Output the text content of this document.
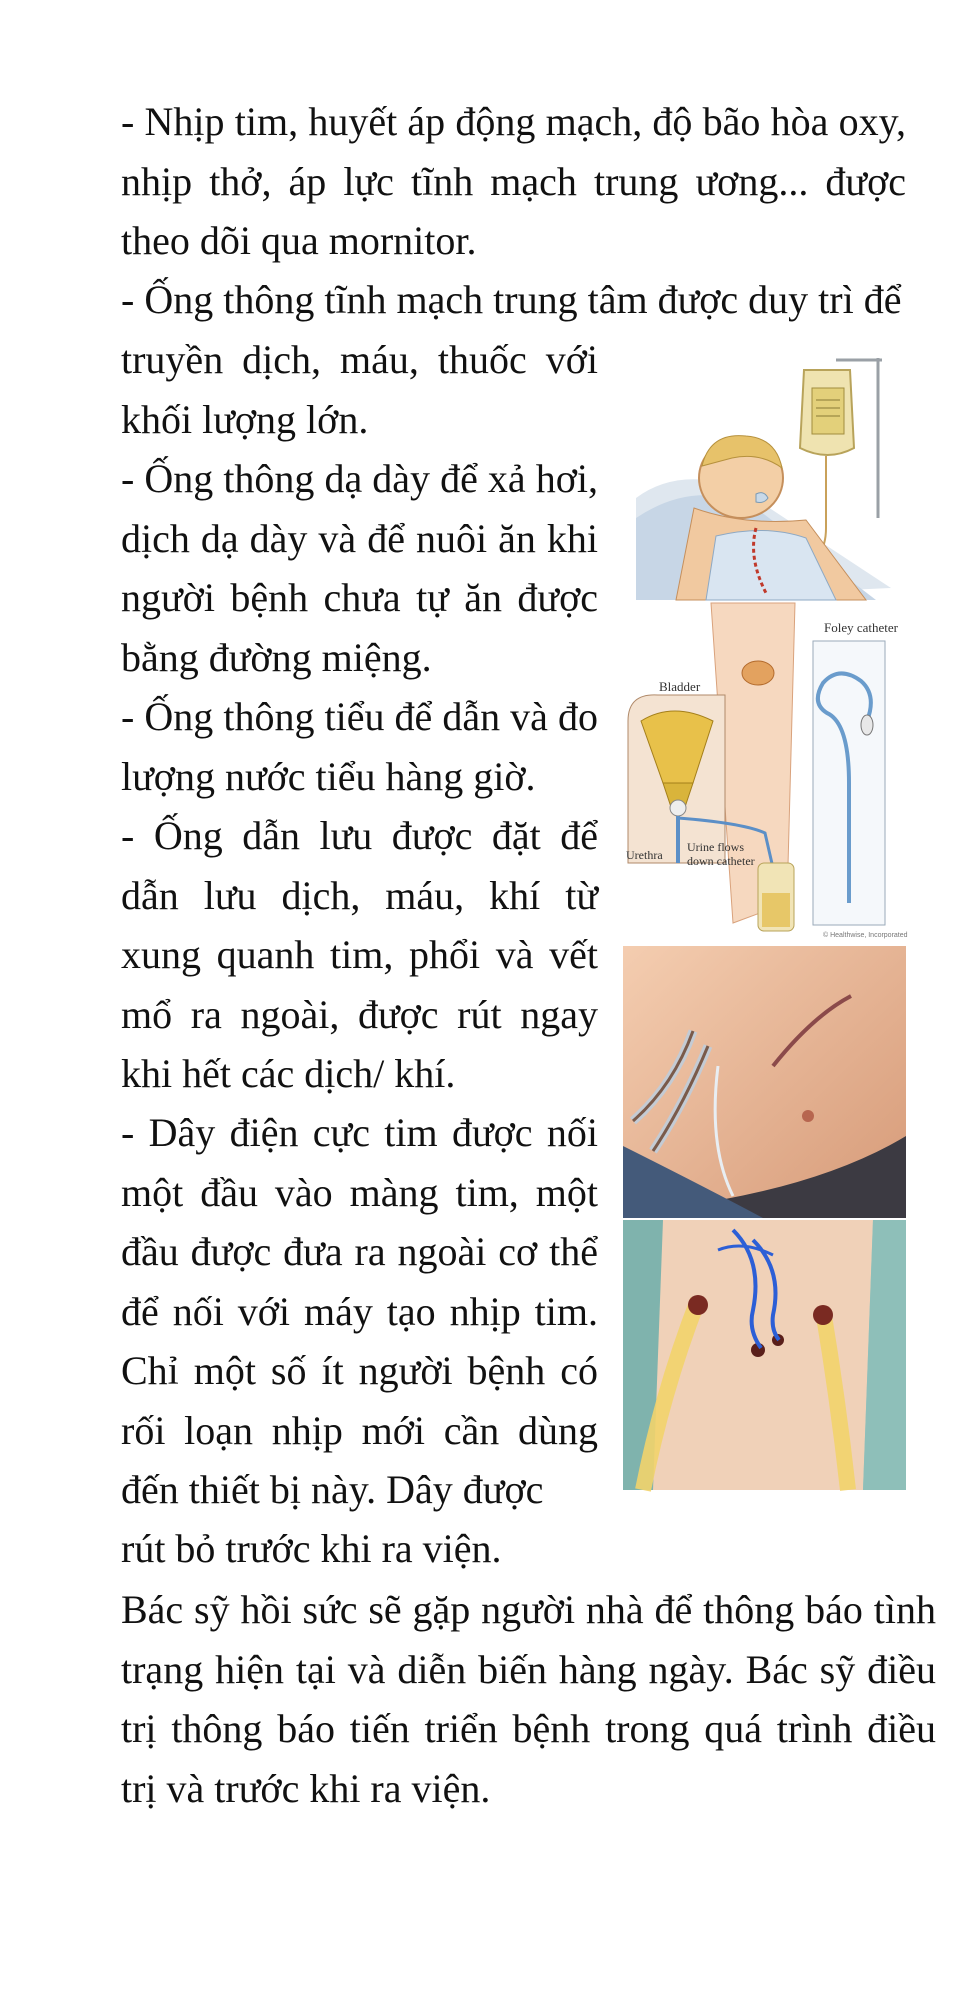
- Nhịp tim, huyết áp động mạch, độ bão hòa oxy, nhịp thở, áp lực tĩnh mạch trung ương... được theo dõi qua mornitor.

- Ống thông tĩnh mạch trung tâm được duy trì để

truyền dịch, máu, thuốc với khối lượng lớn.

- Ống thông dạ dày để xả hơi, dịch dạ dày và để nuôi ăn khi người bệnh chưa tự ăn được bằng đường miệng.

- Ống thông tiểu để dẫn và đo lượng nước tiểu hàng giờ.

- Ống dẫn lưu được đặt để dẫn lưu dịch, máu, khí từ xung quanh tim, phổi và vết mổ ra ngoài, được rút ngay khi hết các dịch/ khí.

- Dây điện cực tim được nối một đầu vào màng tim, một đầu được đưa ra ngoài cơ thể để nối với máy tạo nhịp tim. Chỉ một số ít người bệnh có rối loạn nhịp mới cần dùng đến thiết bị này. Dây được

rút bỏ trước khi ra viện.

Bác sỹ hồi sức sẽ gặp người nhà để thông báo tình trạng hiện tại và diễn biến hàng ngày. Bác sỹ điều trị thông báo tiến triển bệnh trong quá trình điều trị và trước khi ra viện.

Foley catheter
Bladder
Urethra
Urine flows
down catheter
© Healthwise, Incorporated
